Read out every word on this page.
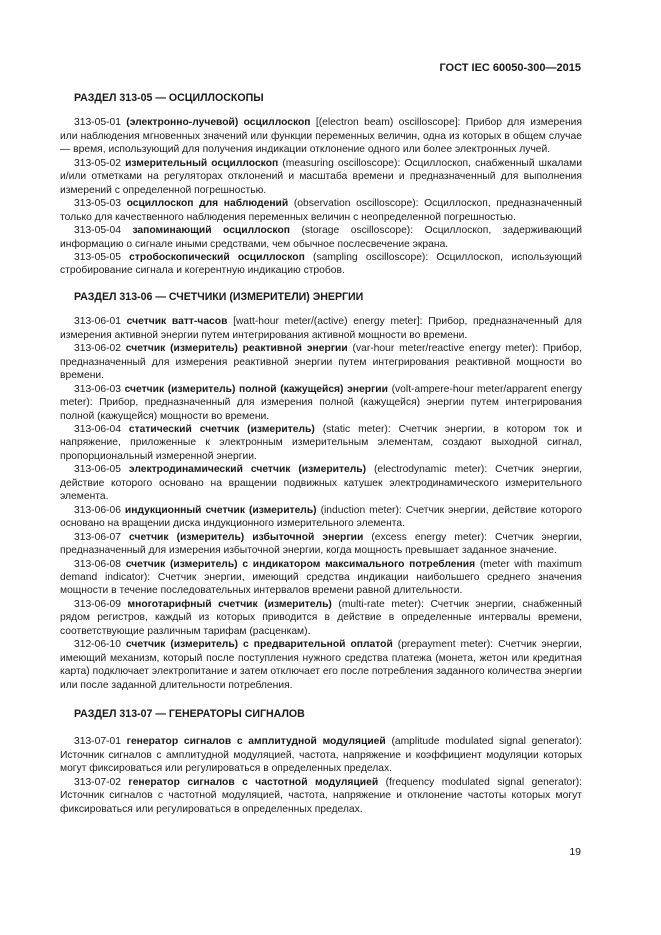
ГОСТ IEC 60050-300—2015
РАЗДЕЛ 313-05 — ОСЦИЛЛОСКОПЫ

313-05-01 (электронно-лучевой) осциллоскоп [(electron beam) oscilloscope]: Прибор для измерения или наблюдения мгновенных значений или функции переменных величин, одна из которых в общем случае — время, использующий для получения индикации отклонение одного или более электронных лучей.

313-05-02 измерительный осциллоскоп (measuring oscilloscope): Осциллоскоп, снабженный шкалами и/или отметками на регуляторах отклонений и масштаба времени и предназначенный для выполнения измерений с определенной погрешностью.

313-05-03 осциллоскоп для наблюдений (observation oscilloscope): Осциллоскоп, предназначенный только для качественного наблюдения переменных величин с неопределенной погрешностью.

313-05-04 запоминающий осциллоскоп (storage oscilloscope): Осциллоскоп, задерживающий информацию о сигнале иными средствами, чем обычное послесвечение экрана.

313-05-05 стробоскопический осциллоскоп (sampling oscilloscope): Осциллоскоп, использующий стробирование сигнала и когерентную индикацию стробов.

РАЗДЕЛ 313-06 — СЧЕТЧИКИ (ИЗМЕРИТЕЛИ) ЭНЕРГИИ

313-06-01 счетчик ватт-часов [watt-hour meter/(active) energy meter]: Прибор, предназначенный для измерения активной энергии путем интегрирования активной мощности во времени.

313-06-02 счетчик (измеритель) реактивной энергии (var-hour meter/reactive energy meter): Прибор, предназначенный для измерения реактивной энергии путем интегрирования реактивной мощности во времени.

313-06-03 счетчик (измеритель) полной (кажущейся) энергии (volt-ampere-hour meter/apparent energy meter): Прибор, предназначенный для измерения полной (кажущейся) энергии путем интегрирования полной (кажущейся) мощности во времени.

313-06-04 статический счетчик (измеритель) (static meter): Счетчик энергии, в котором ток и напряжение, приложенные к электронным измерительным элементам, создают выходной сигнал, пропорциональный измеренной энергии.

313-06-05 электродинамический счетчик (измеритель) (electrodynamic meter): Счетчик энергии, действие которого основано на вращении подвижных катушек электродинамического измерительного элемента.

313-06-06 индукционный счетчик (измеритель) (induction meter): Счетчик энергии, действие которого основано на вращении диска индукционного измерительного элемента.

313-06-07 счетчик (измеритель) избыточной энергии (excess energy meter): Счетчик энергии, предназначенный для измерения избыточной энергии, когда мощность превышает заданное значение.

313-06-08 счетчик (измеритель) с индикатором максимального потребления (meter with maximum demand indicator): Счетчик энергии, имеющий средства индикации наибольшего среднего значения мощности в течение последовательных интервалов времени равной длительности.

313-06-09 многотарифный счетчик (измеритель) (multi-rate meter): Счетчик энергии, снабженный рядом регистров, каждый из которых приводится в действие в определенные интервалы времени, соответствующие различным тарифам (расценкам).

312-06-10 счетчик (измеритель) с предварительной оплатой (prepayment meter): Счетчик энергии, имеющий механизм, который после поступления нужного средства платежа (монета, жетон или кредитная карта) подключает электропитание и затем отключает его после потребления заданного количества энергии или после заданной длительности потребления.

РАЗДЕЛ 313-07 — ГЕНЕРАТОРЫ СИГНАЛОВ

313-07-01 генератор сигналов с амплитудной модуляцией (amplitude modulated signal generator): Источник сигналов с амплитудной модуляцией, частота, напряжение и коэффициент модуляции которых могут фиксироваться или регулироваться в определенных пределах.

313-07-02 генератор сигналов с частотной модуляцией (frequency modulated signal generator): Источник сигналов с частотной модуляцией, частота, напряжение и отклонение частоты которых могут фиксироваться или регулироваться в определенных пределах.

19
